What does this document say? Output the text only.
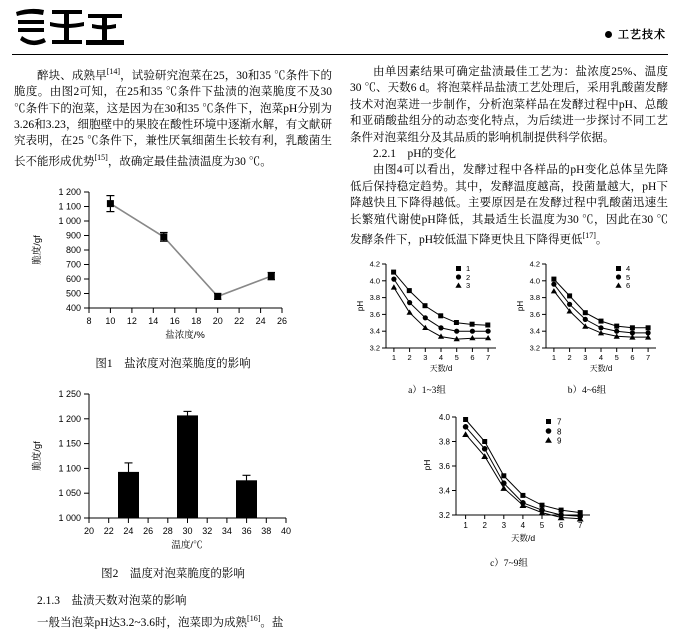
工艺技术

醉块、成熟早[14]，试验研究泡菜在25，30和35 ℃条件下的脆度。由图2可知，在25和35 ℃条件下盐渍的泡菜脆度不及30 ℃条件下的泡菜，这是因为在30和35 ℃条件下，泡菜pH分别为3.26和3.23，细胞壁中的果胶在酸性环境中逐渐水解，有文献研究表明，在25 ℃条件下，兼性厌氧细菌生长较有利，乳酸菌生长不能形成优势[15]，故确定最佳盐渍温度为30 ℃。

400
500
600
700
800
900
1 000
1 100
1 200
8 10 12 14 16 18 20 22 24 26
盐浓度/%
脆度/gf
图1　盐浓度对泡菜脆度的影响
1 000
1 050
1 100
1 150
1 200
1 250
20 22 24 26 28 30 32 34 36 38 40
温度/℃
脆度/gf
图2　温度对泡菜脆度的影响

2.1.3　盐渍天数对泡菜的影响

一般当泡菜pH达3.2~3.6时，泡菜即为成熟[16]。盐

由单因素结果可确定盐渍最佳工艺为：盐浓度25%、温度30 ℃、天数6 d。将泡菜样品盐渍工艺处理后，采用乳酸菌发酵技术对泡菜进一步制作，分析泡菜样品在发酵过程中pH、总酸和亚硝酸盐组分的动态变化特点，为后续进一步探讨不同工艺条件对泡菜组分及其品质的影响机制提供科学依据。

2.2.1　pH的变化

由图4可以看出，发酵过程中各样品的pH变化总体呈先降低后保持稳定趋势。其中，发酵温度越高，投菌量越大，pH下降越快且下降得越低。主要原因是在发酵过程中乳酸菌迅速生长繁殖代谢使pH降低，其最适生长温度为30 ℃，因此在30 ℃发酵条件下，pH较低温下降更快且下降得更低[17]。

3.2
3.4
3.6
3.8
4.0
4.2
1 2 3 4 5 6 7
天数/d
pH
1
2
3
a）1~3组
3.2
3.4
3.6
3.8
4.0
4.2
1 2 3 4 5 6 7
天数/d
pH
4
5
6
b）4~6组
3.2
3.4
3.6
3.8
4.0
1 2 3 4 5 6 7
天数/d
pH
7
8
9
c）7~9组
